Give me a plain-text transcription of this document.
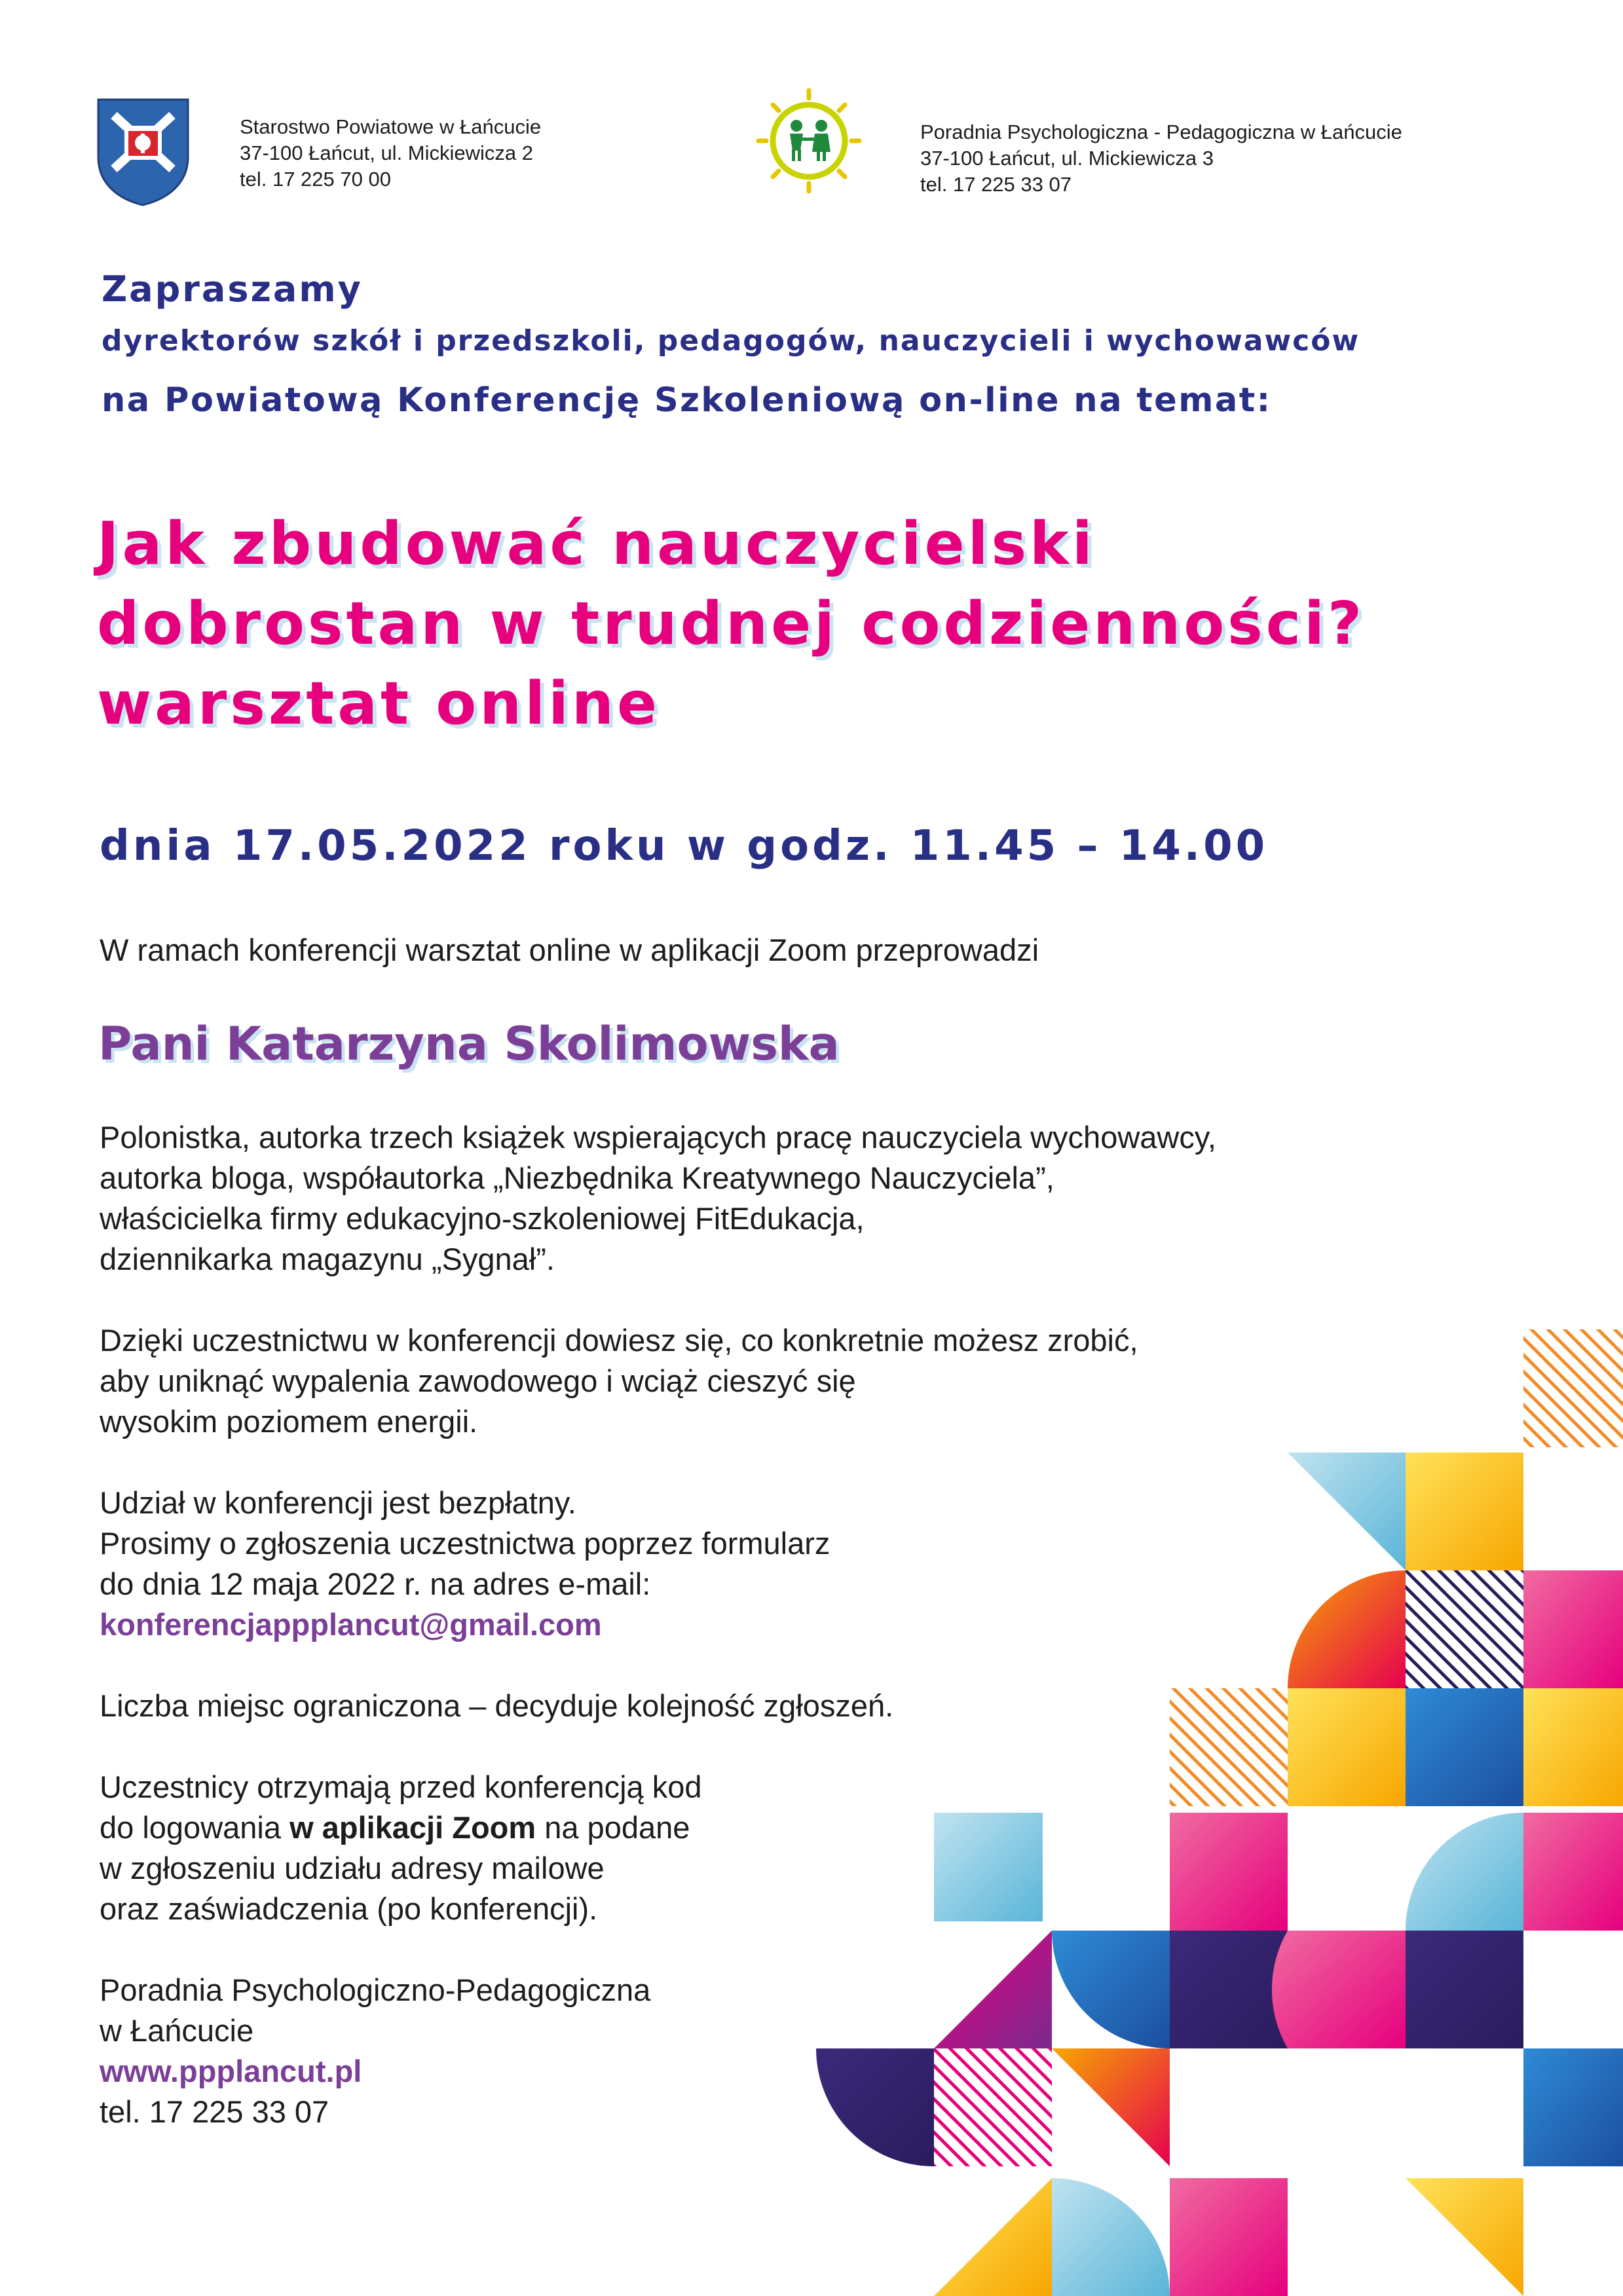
Starostwo Powiatowe w Łańcucie
37-100 Łańcut, ul. Mickiewicza 2
tel. 17 225 70 00
Poradnia Psychologiczna - Pedagogiczna w Łańcucie
37-100 Łańcut, ul. Mickiewicza 3
tel. 17 225 33 07
Zapraszamy
dyrektorów szkół i przedszkoli, pedagogów, nauczycieli i wychowawców
na Powiatową Konferencję Szkoleniową on-line na temat:
Jak zbudować nauczycielski
dobrostan w trudnej codzienności?
warsztat online
dnia 17.05.2022 roku w godz. 11.45 – 14.00
W ramach konferencji warsztat online w aplikacji Zoom przeprowadzi
Pani Katarzyna Skolimowska
Polonistka, autorka trzech książek wspierających pracę nauczyciela wychowawcy,
autorka bloga, współautorka „Niezbędnika Kreatywnego Nauczyciela”,
właścicielka firmy edukacyjno-szkoleniowej FitEdukacja,
dziennikarka magazynu „Sygnał”.
Dzięki uczestnictwu w konferencji dowiesz się, co konkretnie możesz zrobić,
aby uniknąć wypalenia zawodowego i wciąż cieszyć się
wysokim poziomem energii.
Udział w konferencji jest bezpłatny.
Prosimy o zgłoszenia uczestnictwa poprzez formularz
do dnia 12 maja 2022 r. na adres e-mail:
konferencjappplancut@gmail.com
Liczba miejsc ograniczona – decyduje kolejność zgłoszeń.
Uczestnicy otrzymają przed konferencją kod
do logowania w aplikacji Zoom na podane
w zgłoszeniu udziału adresy mailowe
oraz zaświadczenia (po konferencji).
Poradnia Psychologiczno-Pedagogiczna
w Łańcucie
www.ppplancut.pl
tel. 17 225 33 07
